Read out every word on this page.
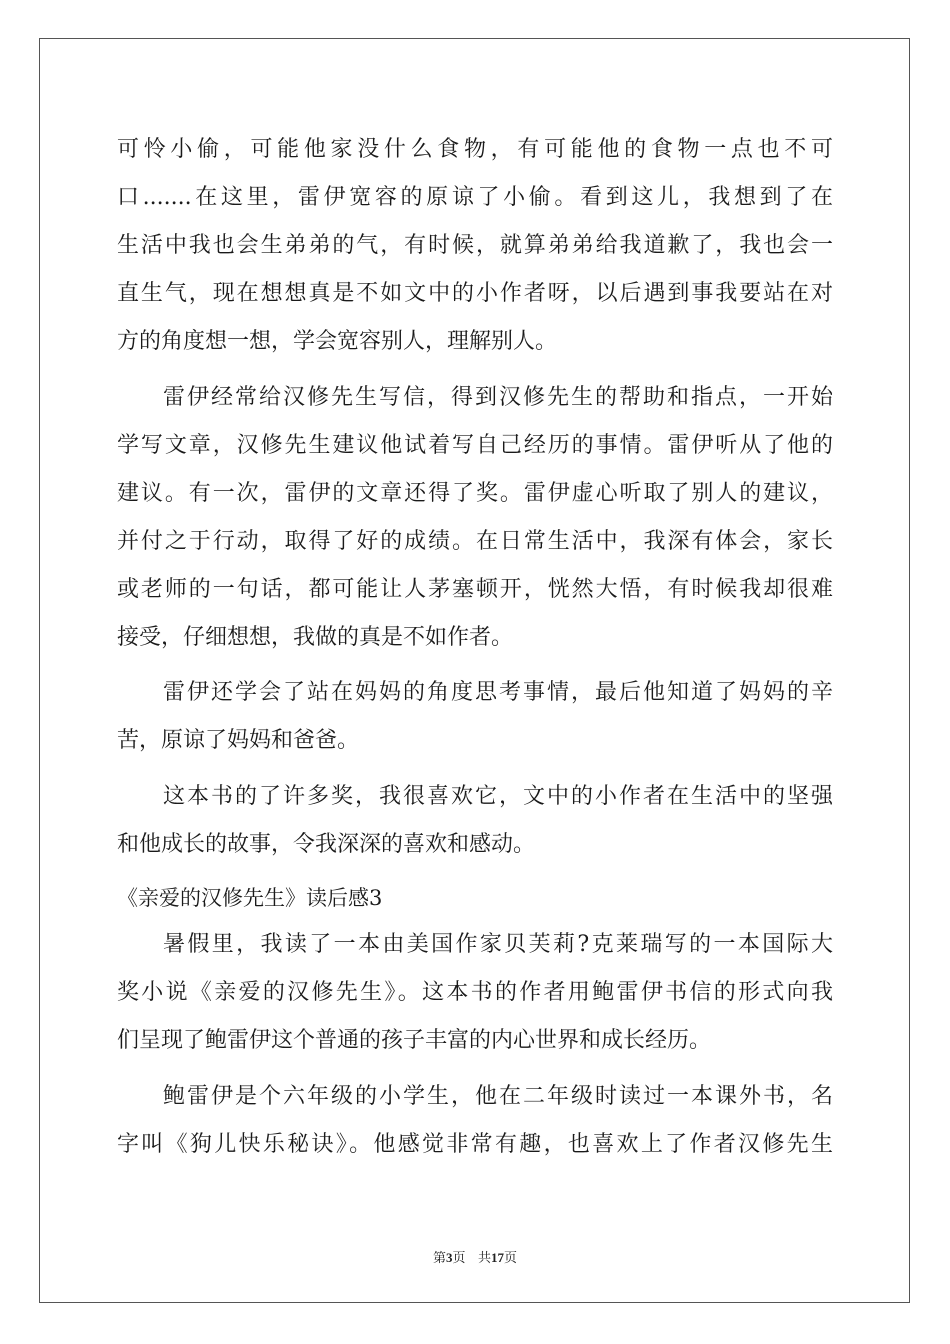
可怜小偷，可能他家没什么食物，有可能他的食物一点也不可
口.......在这里，雷伊宽容的原谅了小偷。看到这儿，我想到了在
生活中我也会生弟弟的气，有时候，就算弟弟给我道歉了，我也会一
直生气，现在想想真是不如文中的小作者呀，以后遇到事我要站在对
方的角度想一想，学会宽容别人，理解别人。
雷伊经常给汉修先生写信，得到汉修先生的帮助和指点，一开始
学写文章，汉修先生建议他试着写自己经历的事情。雷伊听从了他的
建议。有一次，雷伊的文章还得了奖。雷伊虚心听取了别人的建议，
并付之于行动，取得了好的成绩。在日常生活中，我深有体会，家长
或老师的一句话，都可能让人茅塞顿开，恍然大悟，有时候我却很难
接受，仔细想想，我做的真是不如作者。
雷伊还学会了站在妈妈的角度思考事情，最后他知道了妈妈的辛
苦，原谅了妈妈和爸爸。
这本书的了许多奖，我很喜欢它，文中的小作者在生活中的坚强
和他成长的故事，令我深深的喜欢和感动。
《亲爱的汉修先生》读后感3
暑假里，我读了一本由美国作家贝芙莉?克莱瑞写的一本国际大
奖小说《亲爱的汉修先生》。这本书的作者用鲍雷伊书信的形式向我
们呈现了鲍雷伊这个普通的孩子丰富的内心世界和成长经历。
鲍雷伊是个六年级的小学生，他在二年级时读过一本课外书，名
字叫《狗儿快乐秘诀》。他感觉非常有趣，也喜欢上了作者汉修先生
第3页   共17页
